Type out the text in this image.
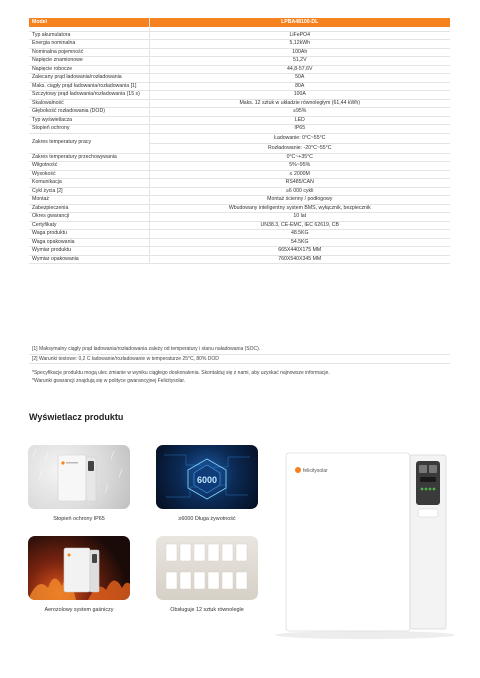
Model	LPBA48100-DL

Typ akumulatora	LiFePO4
Energia nominalna	5,12kWh
Nominalna pojemność	100Ah
Napięcie znamionowe	51,2V
Napięcie robocze	44,8-57,6V
Zalecany prąd ładowania/rozładowania	50A
Maks. ciągły prąd ładowania/rozładowania [1]	80A
Szczytowy prąd ładowania/rozładowania (15 s)	100A
Skalowalność	Maks. 12 sztuk w układzie równoległym (61,44 kWh)
Głębokość rozładowania (DOD)	≥95%
Typ wyświetlacza	LED
Stopień ochrony	IP65
Zakres temperatury pracy	Ładowanie: 0°C~55°C
Rozładowanie: -20°C~55°C

Zakres temperatury przechowywania	0°C~+35°C
Wilgotność	5%~95%
Wysokość	≤ 2000M
Komunikacja	RS485/CAN
Cykl życia [2]	≥6 000 cykli
Montaż	Montaż ścienny / podłogowy
Zabezpieczenia	Wbudowany inteligentny system BMS, wyłącznik, bezpiecznik
Okres gwarancji	10 lat
Certyfikaty	UN38.3, CE-EMC, IEC 62619, CB
Waga produktu	48.5KG
Waga opakowania	54.5KG
Wymiar produktu	665X440X175 MM
Wymiar opakowania	760X540X345 MM
[1] Maksymalny ciągły prąd ładowania/rozładowania zależy od temperatury i stanu naładowania (SOC).
[2] Warunki testowe: 0,2 C ładowanie/rozładowanie w temperaturze 25°C, 80% DOD

*Specyfikacje produktu mogą ulec zmianie w wyniku ciągłego doskonalenia. Skontaktuj się z nami, aby uzyskać najnowsze informacje.

*Warunki gwarancji znajdują się w polityce gwarancyjnej Felicitysolar.

Wyświetlacz produktu
Stopień ochrony IP65
6000
≥6000 Długa żywotność
Aerozolowy system gaśniczy	Obsługuje 12 sztuk równolegle
felicitysolar
